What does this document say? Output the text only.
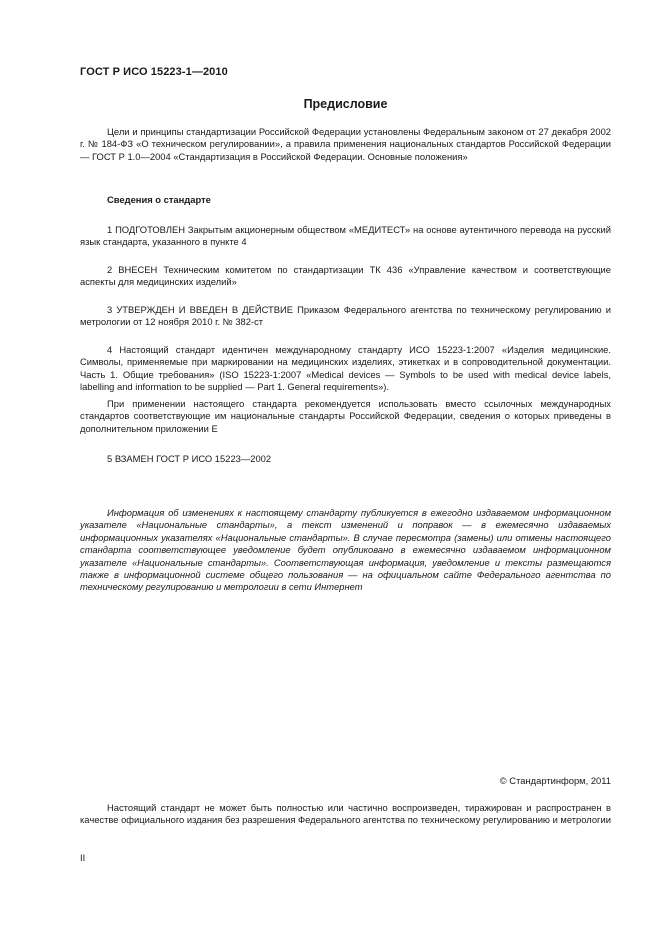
ГОСТ Р ИСО 15223-1—2010
Предисловие

Цели и принципы стандартизации Российской Федерации установлены Федеральным законом от 27 декабря 2002 г. № 184-ФЗ «О техническом регулировании», а правила применения национальных стандартов Российской Федерации — ГОСТ Р 1.0—2004 «Стандартизация в Российской Федерации. Основные положения»

Сведения о стандарте

1 ПОДГОТОВЛЕН Закрытым акционерным обществом «МЕДИТЕСТ» на основе аутентичного перевода на русский язык стандарта, указанного в пункте 4

2 ВНЕСЕН Техническим комитетом по стандартизации ТК 436 «Управление качеством и соответствующие аспекты для медицинских изделий»

3 УТВЕРЖДЕН И ВВЕДЕН В ДЕЙСТВИЕ Приказом Федерального агентства по техническому регулированию и метрологии от 12 ноября 2010 г. № 382-ст

4 Настоящий стандарт идентичен международному стандарту ИСО 15223-1:2007 «Изделия медицинские. Символы, применяемые при маркировании на медицинских изделиях, этикетках и в сопроводительной документации. Часть 1. Общие требования» (ISO 15223-1:2007 «Medical devices — Symbols to be used with medical device labels, labelling and information to be supplied — Part 1. General requirements»).

При применении настоящего стандарта рекомендуется использовать вместо ссылочных международных стандартов соответствующие им национальные стандарты Российской Федерации, сведения о которых приведены в дополнительном приложении Е

5 ВЗАМЕН ГОСТ Р ИСО 15223—2002

Информация об изменениях к настоящему стандарту публикуется в ежегодно издаваемом информационном указателе «Национальные стандарты», а текст изменений и поправок — в ежемесячно издаваемых информационных указателях «Национальные стандарты». В случае пересмотра (замены) или отмены настоящего стандарта соответствующее уведомление будет опубликовано в ежемесячно издаваемом информационном указателе «Национальные стандарты». Соответствующая информация, уведомление и тексты размещаются также в информационной системе общего пользования — на официальном сайте Федерального агентства по техническому регулированию и метрологии в сети Интернет

© Стандартинформ, 2011

Настоящий стандарт не может быть полностью или частично воспроизведен, тиражирован и распространен в качестве официального издания без разрешения Федерального агентства по техническому регулированию и метрологии

II
